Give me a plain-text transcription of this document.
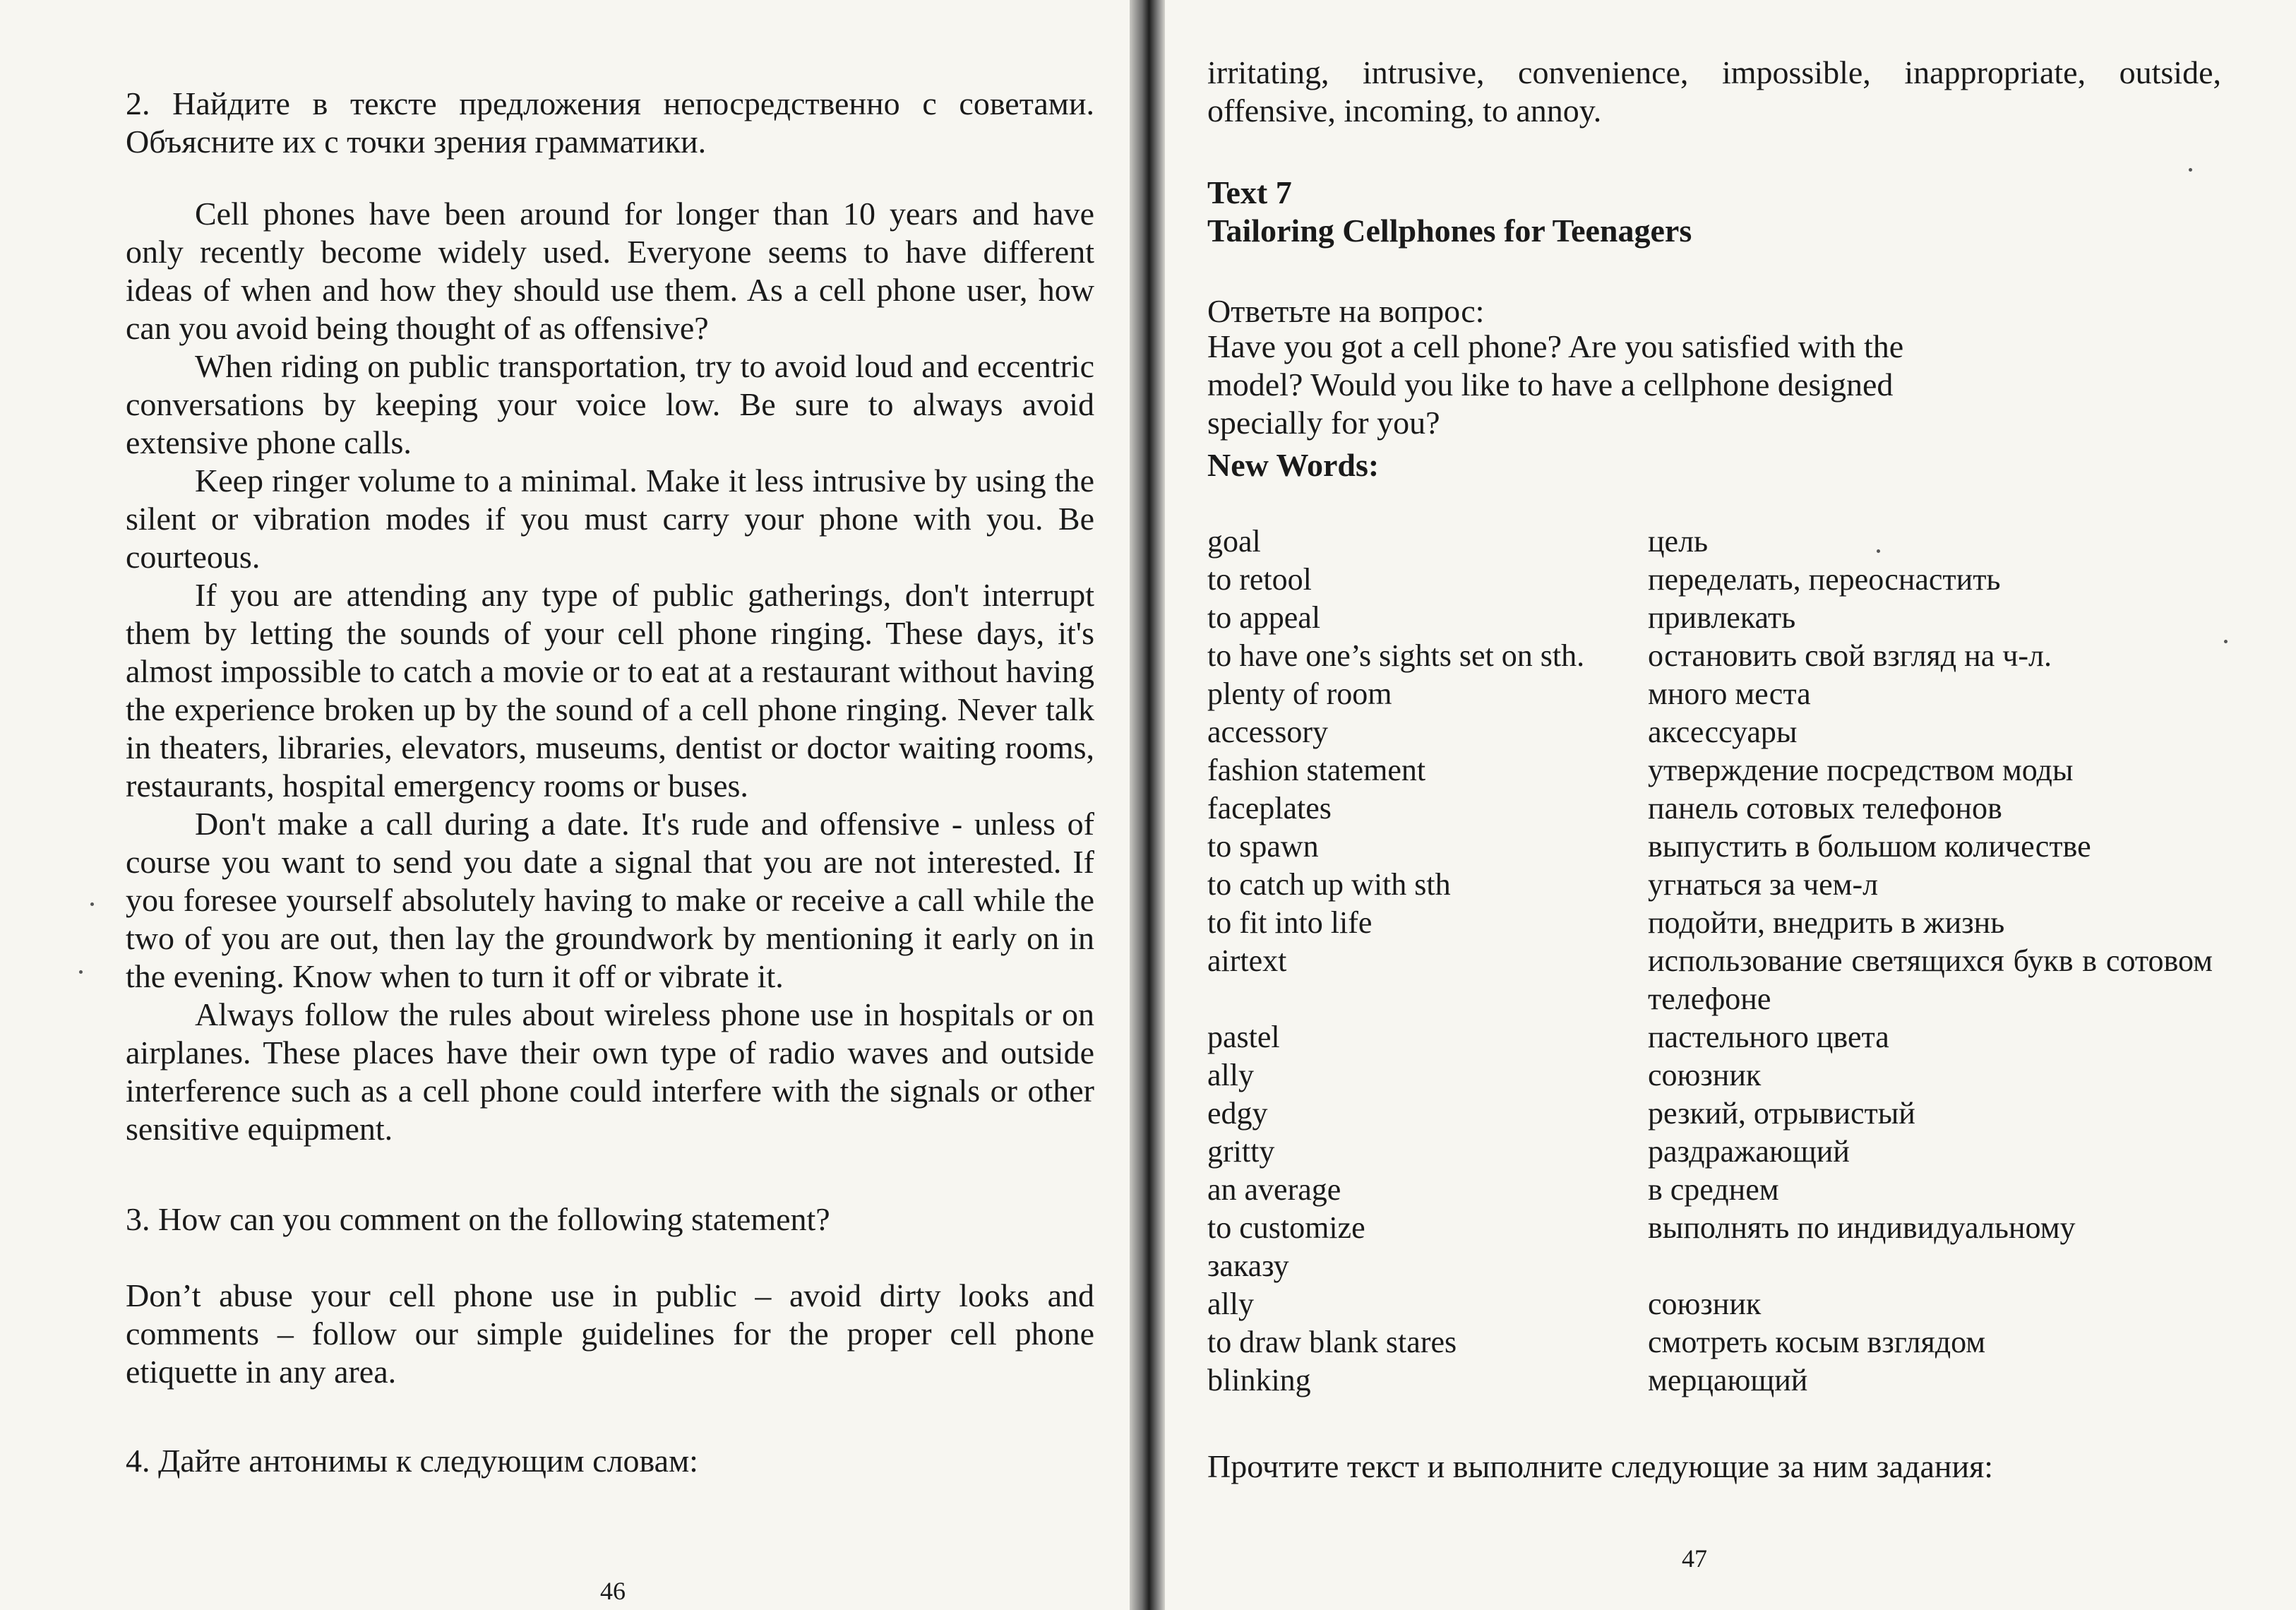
2. Найдите в тексте предложения непосредственно с советами. Объясните их с точки зрения грамматики.

Cell phones have been around for longer than 10 years and have only recently become widely used. Everyone seems to have different ideas of when and how they should use them. As a cell phone user, how can you avoid being thought of as offensive?

When riding on public transportation, try to avoid loud and eccentric conversations by keeping your voice low. Be sure to always avoid extensive phone calls.

Keep ringer volume to a minimal. Make it less intrusive by using the silent or vibration modes if you must carry your phone with you. Be courteous.

If you are attending any type of public gatherings, don't interrupt them by letting the sounds of your cell phone ringing. These days, it's almost impossible to catch a movie or to eat at a restaurant without having the experience broken up by the sound of a cell phone ringing. Never talk in theaters, libraries, elevators, museums, dentist or doctor waiting rooms, restaurants, hospital emergency rooms or buses.

Don't make a call during a date. It's rude and offensive - unless of course you want to send you date a signal that you are not interested. If you foresee yourself absolutely having to make or receive a call while the two of you are out, then lay the groundwork by mentioning it early on in the evening. Know when to turn it off or vibrate it.

Always follow the rules about wireless phone use in hospitals or on airplanes. These places have their own type of radio waves and outside interference such as a cell phone could interfere with the signals or other sensitive equipment.

3. How can you comment on the following statement?
Don’t abuse your cell phone use in public – avoid dirty looks and comments – follow our simple guidelines for the proper cell phone etiquette in any area.
4. Дайте антонимы к следующим словам:
46
irritating, intrusive, convenience, impossible, inappropriate, outside, offensive, incoming, to annoy.
Text 7
Tailoring Cellphones for Teenagers
Ответьте на вопрос:
Have you got a cell phone? Are you satisfied with the model? Would you like to have a cellphone designed specially for you?
New Words:
goal	цель
to retool	переделать, переоснастить
to appeal	привлекать
to have one’s sights set on sth. остановить свой взгляд на ч-л.
plenty of room	много места
accessory	аксессуары
fashion statement	утверждение посредством моды
faceplates	панель сотовых телефонов
to spawn	выпустить в большом количестве
to catch up with sth	угнаться за чем-л
to fit into life	подойти, внедрить в жизнь
airtext	использование светящихся букв в сотовом телефоне
pastel	пастельного цвета
ally	союзник
edgy	резкий, отрывистый
gritty	раздражающий
an average	в среднем
to customize	выполнять по индивидуальному
заказу
ally	союзник
to draw blank stares	смотреть косым взглядом
blinking	мерцающий
Прочтите текст и выполните следующие за ним задания:
47
